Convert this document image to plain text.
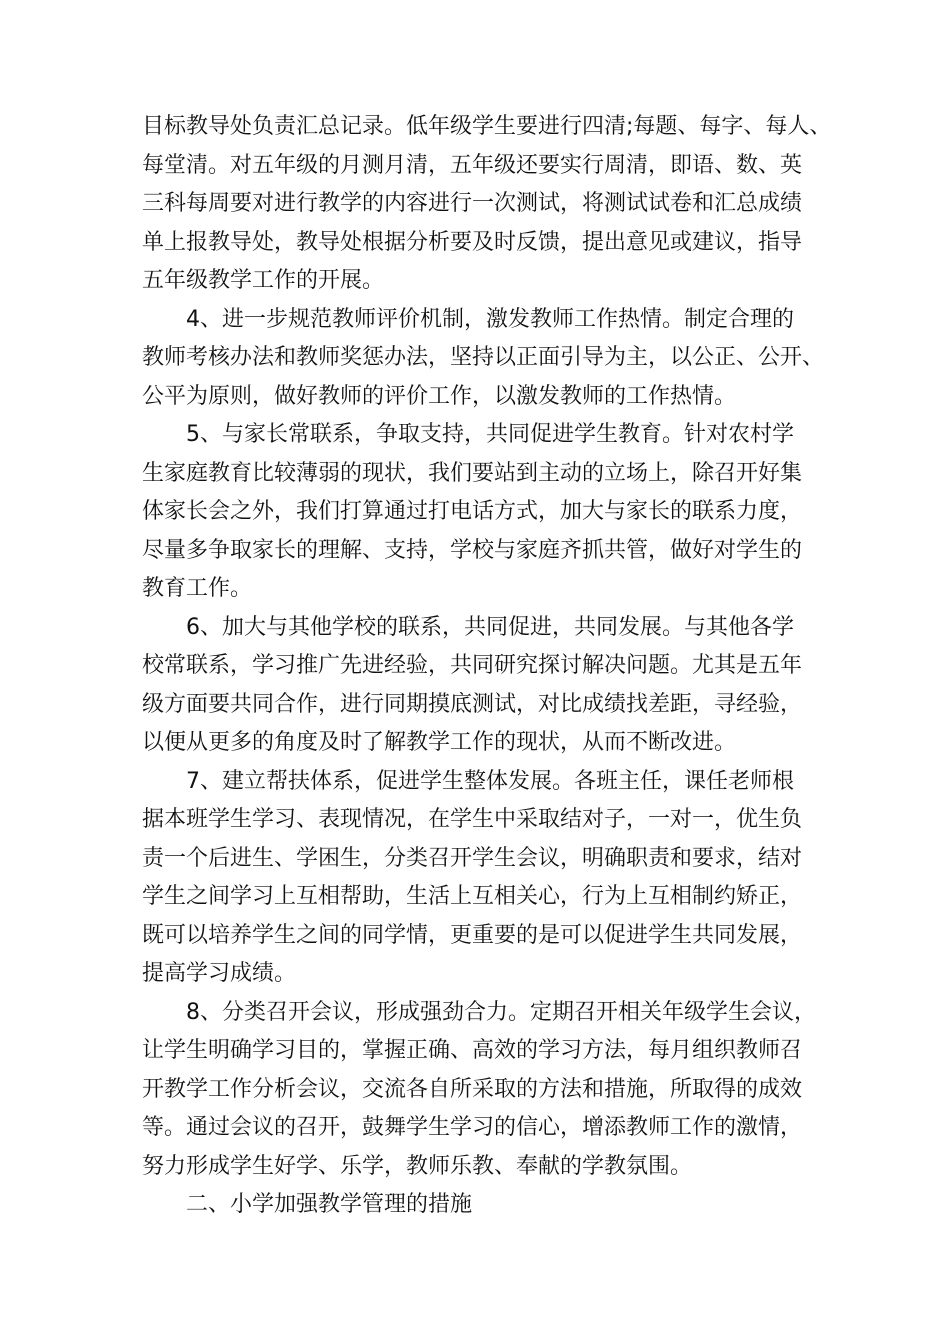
目标教导处负责汇总记录。低年级学生要进行四清;每题、每字、每人、
每堂清。对五年级的月测月清，五年级还要实行周清，即语、数、英
三科每周要对进行教学的内容进行一次测试，将测试试卷和汇总成绩
单上报教导处，教导处根据分析要及时反馈，提出意见或建议，指导
五年级教学工作的开展。

4、进一步规范教师评价机制，激发教师工作热情。制定合理的
教师考核办法和教师奖惩办法，坚持以正面引导为主，以公正、公开、
公平为原则，做好教师的评价工作，以激发教师的工作热情。

5、与家长常联系，争取支持，共同促进学生教育。针对农村学
生家庭教育比较薄弱的现状，我们要站到主动的立场上，除召开好集
体家长会之外，我们打算通过打电话方式，加大与家长的联系力度，
尽量多争取家长的理解、支持，学校与家庭齐抓共管，做好对学生的
教育工作。

6、加大与其他学校的联系，共同促进，共同发展。与其他各学
校常联系，学习推广先进经验，共同研究探讨解决问题。尤其是五年
级方面要共同合作，进行同期摸底测试，对比成绩找差距，寻经验，
以便从更多的角度及时了解教学工作的现状，从而不断改进。

7、建立帮扶体系，促进学生整体发展。各班主任，课任老师根
据本班学生学习、表现情况，在学生中采取结对子，一对一，优生负
责一个后进生、学困生，分类召开学生会议，明确职责和要求，结对
学生之间学习上互相帮助，生活上互相关心，行为上互相制约矫正，
既可以培养学生之间的同学情，更重要的是可以促进学生共同发展，
提高学习成绩。

8、分类召开会议，形成强劲合力。定期召开相关年级学生会议，
让学生明确学习目的，掌握正确、高效的学习方法，每月组织教师召
开教学工作分析会议，交流各自所采取的方法和措施，所取得的成效
等。通过会议的召开，鼓舞学生学习的信心，增添教师工作的激情，
努力形成学生好学、乐学，教师乐教、奉献的学教氛围。

二、小学加强教学管理的措施
